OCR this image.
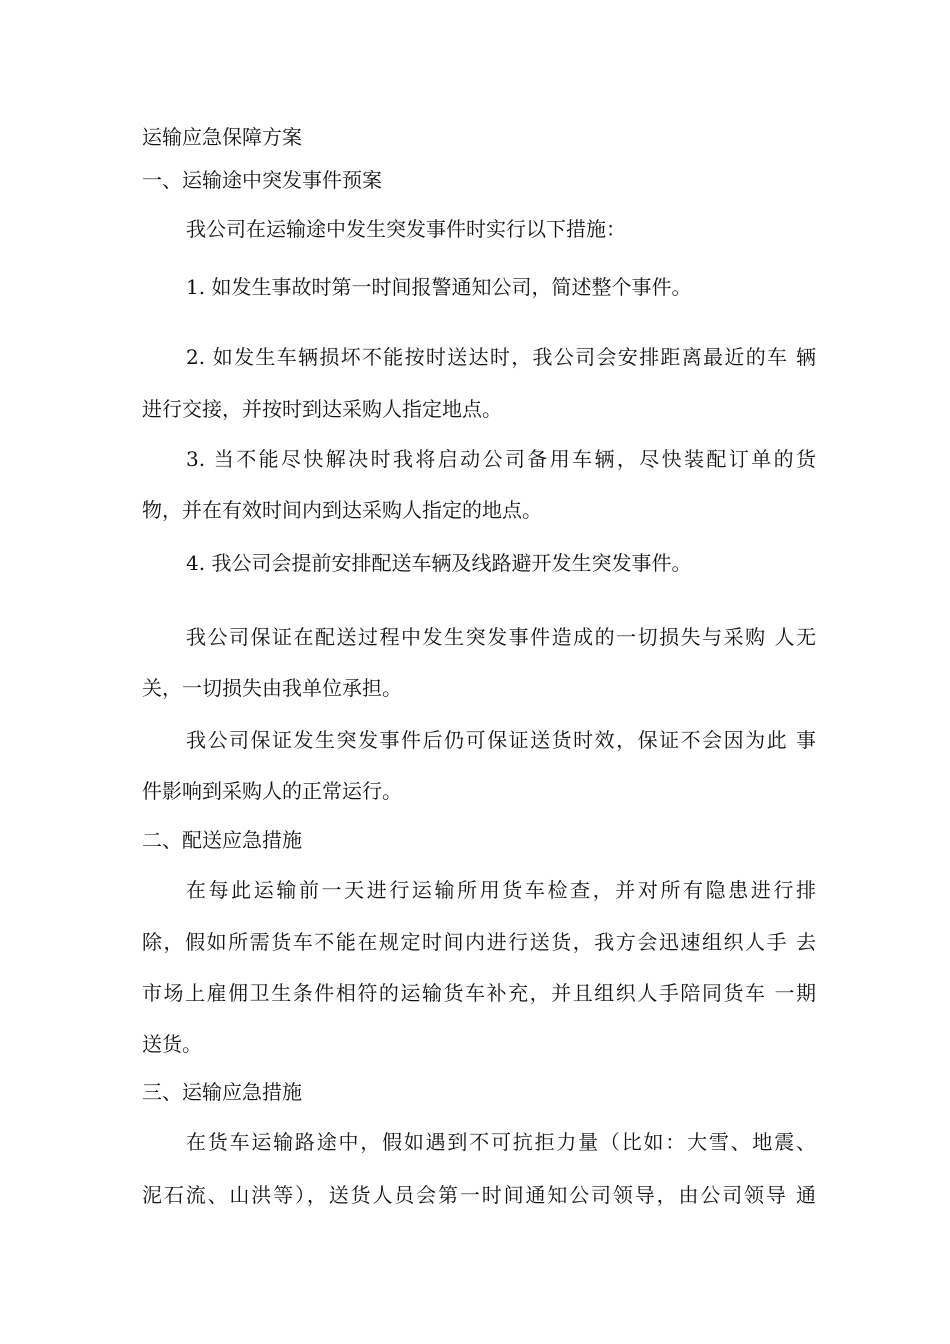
运输应急保障方案
一、运输途中突发事件预案
我公司在运输途中发生突发事件时实行以下措施：
1. 如发生事故时第一时间报警通知公司，简述整个事件。
2. 如发生车辆损坏不能按时送达时，我公司会安排距离最近的车 辆
进行交接，并按时到达采购人指定地点。
3. 当不能尽快解决时我将启动公司备用车辆，尽快装配订单的货
物，并在有效时间内到达采购人指定的地点。
4. 我公司会提前安排配送车辆及线路避开发生突发事件。
我公司保证在配送过程中发生突发事件造成的一切损失与采购 人无
关，一切损失由我单位承担。
我公司保证发生突发事件后仍可保证送货时效，保证不会因为此 事
件影响到采购人的正常运行。
二、配送应急措施
在每此运输前一天进行运输所用货车检查，并对所有隐患进行排
除，假如所需货车不能在规定时间内进行送货，我方会迅速组织人手 去
市场上雇佣卫生条件相符的运输货车补充，并且组织人手陪同货车 一期
送货。
三、运输应急措施
在货车运输路途中，假如遇到不可抗拒力量（比如：大雪、地震、
泥石流、山洪等），送货人员会第一时间通知公司领导，由公司领导 通
